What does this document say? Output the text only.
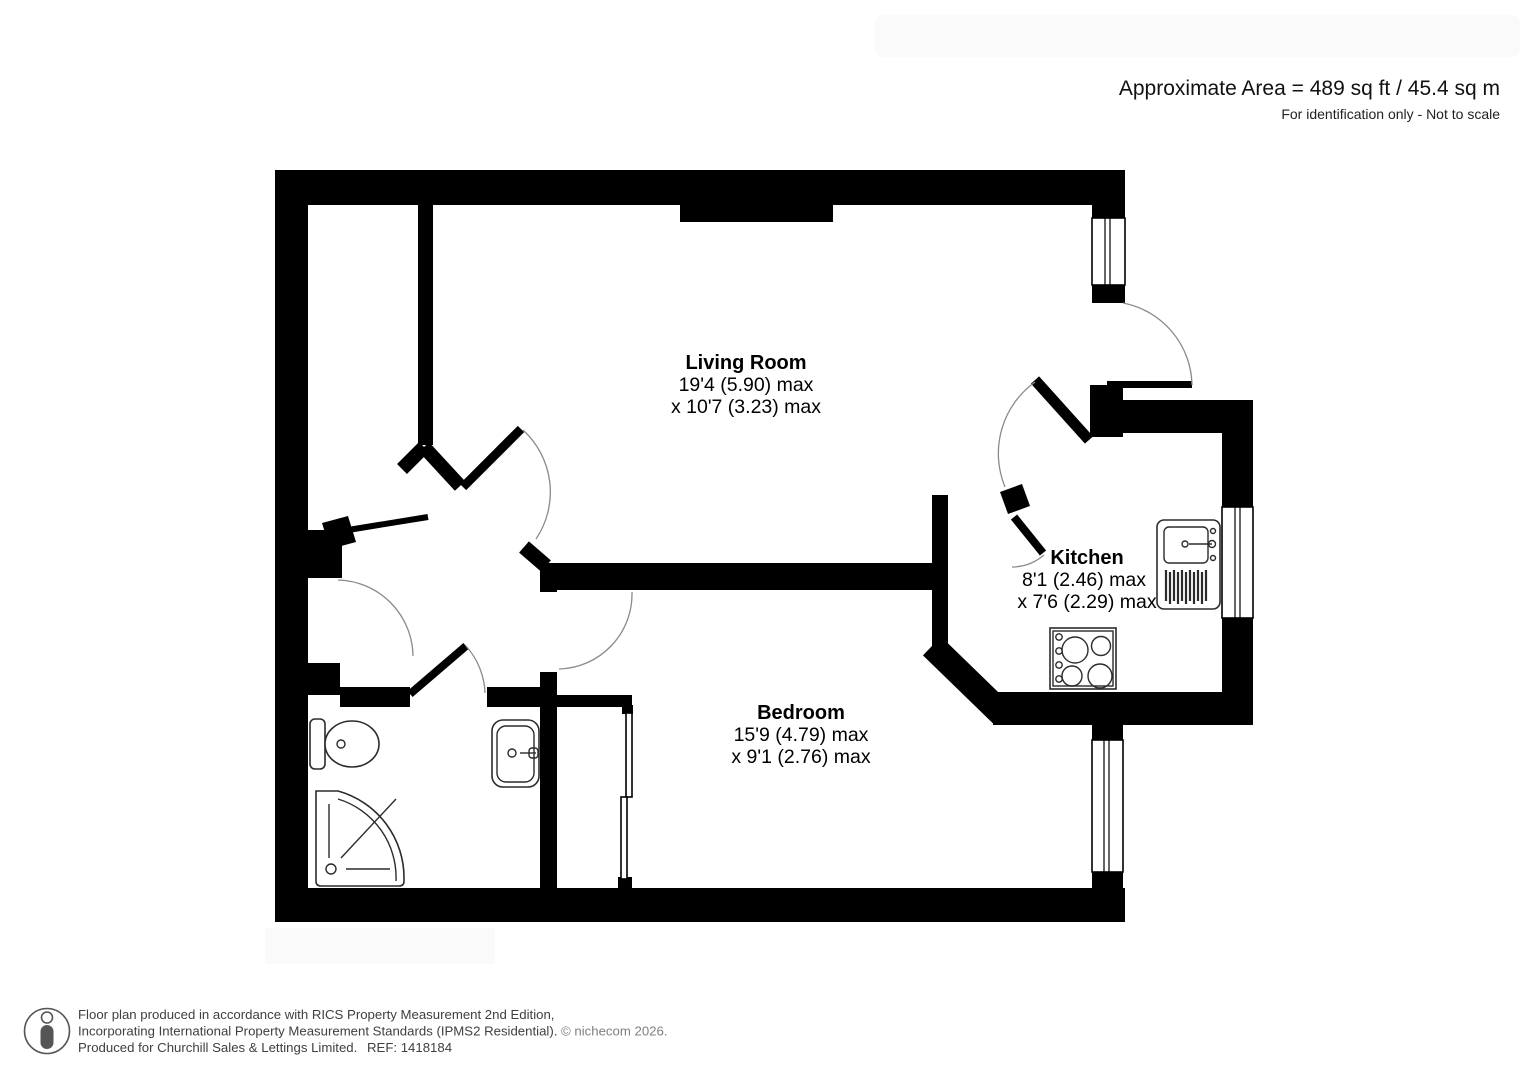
Approximate Area = 489 sq ft / 45.4 sq m
For identification only - Not to scale
Living Room
19'4 (5.90) max
x 10'7 (3.23) max
Kitchen
8'1 (2.46) max
x 7'6 (2.29) max
Bedroom
15'9 (4.79) max
x 9'1 (2.76) max
Floor plan produced in accordance with RICS Property Measurement 2nd Edition,
Incorporating International Property Measurement Standards (IPMS2 Residential). © nichecom 2026.
Produced for Churchill Sales & Lettings Limited. REF: 1418184
